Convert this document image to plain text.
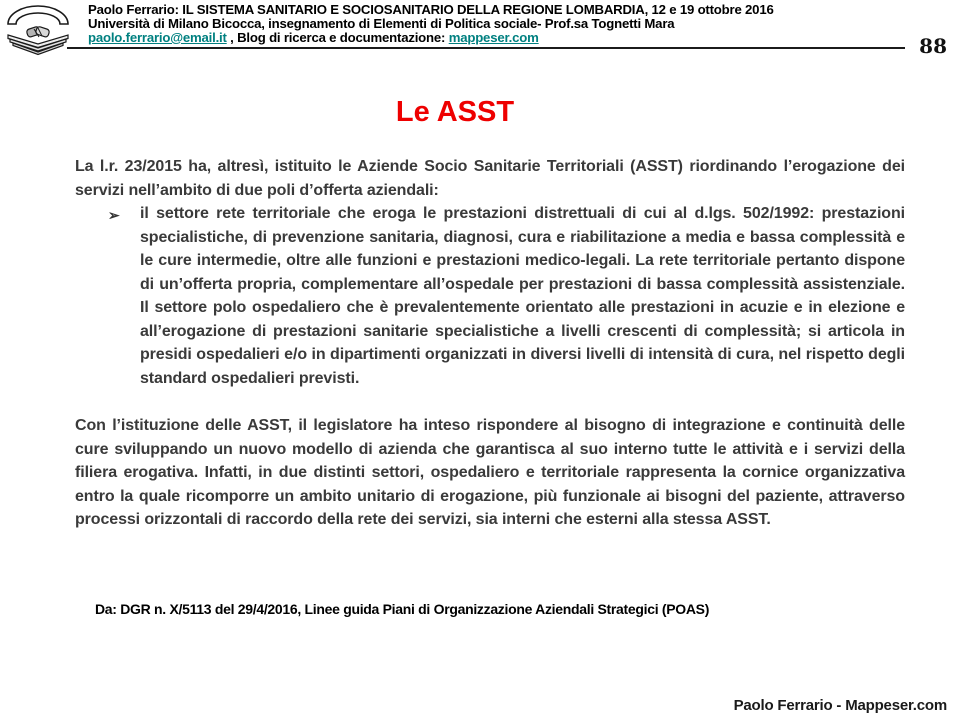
Paolo Ferrario: IL SISTEMA SANITARIO E SOCIOSANITARIO DELLA REGIONE LOMBARDIA, 12 e 19 ottobre 2016
Università di Milano Bicocca, insegnamento di Elementi di Politica sociale- Prof.sa Tognetti Mara
paolo.ferrario@email.it , Blog di ricerca e documentazione: mappeser.com	88
Le ASST

La l.r. 23/2015 ha, altresì, istituito le Aziende Socio Sanitarie Territoriali (ASST) riordinando l’erogazione dei servizi nell’ambito di due poli d’offerta aziendali:

➢	il settore rete territoriale che eroga le prestazioni distrettuali di cui al d.lgs. 502/1992: prestazioni specialistiche, di prevenzione sanitaria, diagnosi, cura e riabilitazione a media e bassa complessità e le cure intermedie, oltre alle funzioni e prestazioni medico-legali. La rete territoriale pertanto dispone di un’offerta propria, complementare all’ospedale per prestazioni di bassa complessità assistenziale. Il settore polo ospedaliero che è prevalentemente orientato alle prestazioni in acuzie e in elezione e all’erogazione di prestazioni sanitarie specialistiche a livelli crescenti di complessità; si articola in presidi ospedalieri e/o in dipartimenti organizzati in diversi livelli di intensità di cura, nel rispetto degli standard ospedalieri previsti.

Con l’istituzione delle ASST, il legislatore ha inteso rispondere al bisogno di integrazione e continuità delle cure sviluppando un nuovo modello di azienda che garantisca al suo interno tutte le attività e i servizi della filiera erogativa. Infatti, in due distinti settori, ospedaliero e territoriale rappresenta la cornice organizzativa entro la quale ricomporre un ambito unitario di erogazione, più funzionale ai bisogni del paziente, attraverso processi orizzontali di raccordo della rete dei servizi, sia interni che esterni alla stessa ASST.

Da: DGR n. X/5113 del 29/4/2016, Linee guida Piani di Organizzazione Aziendali Strategici (POAS)
Paolo Ferrario - Mappeser.com
